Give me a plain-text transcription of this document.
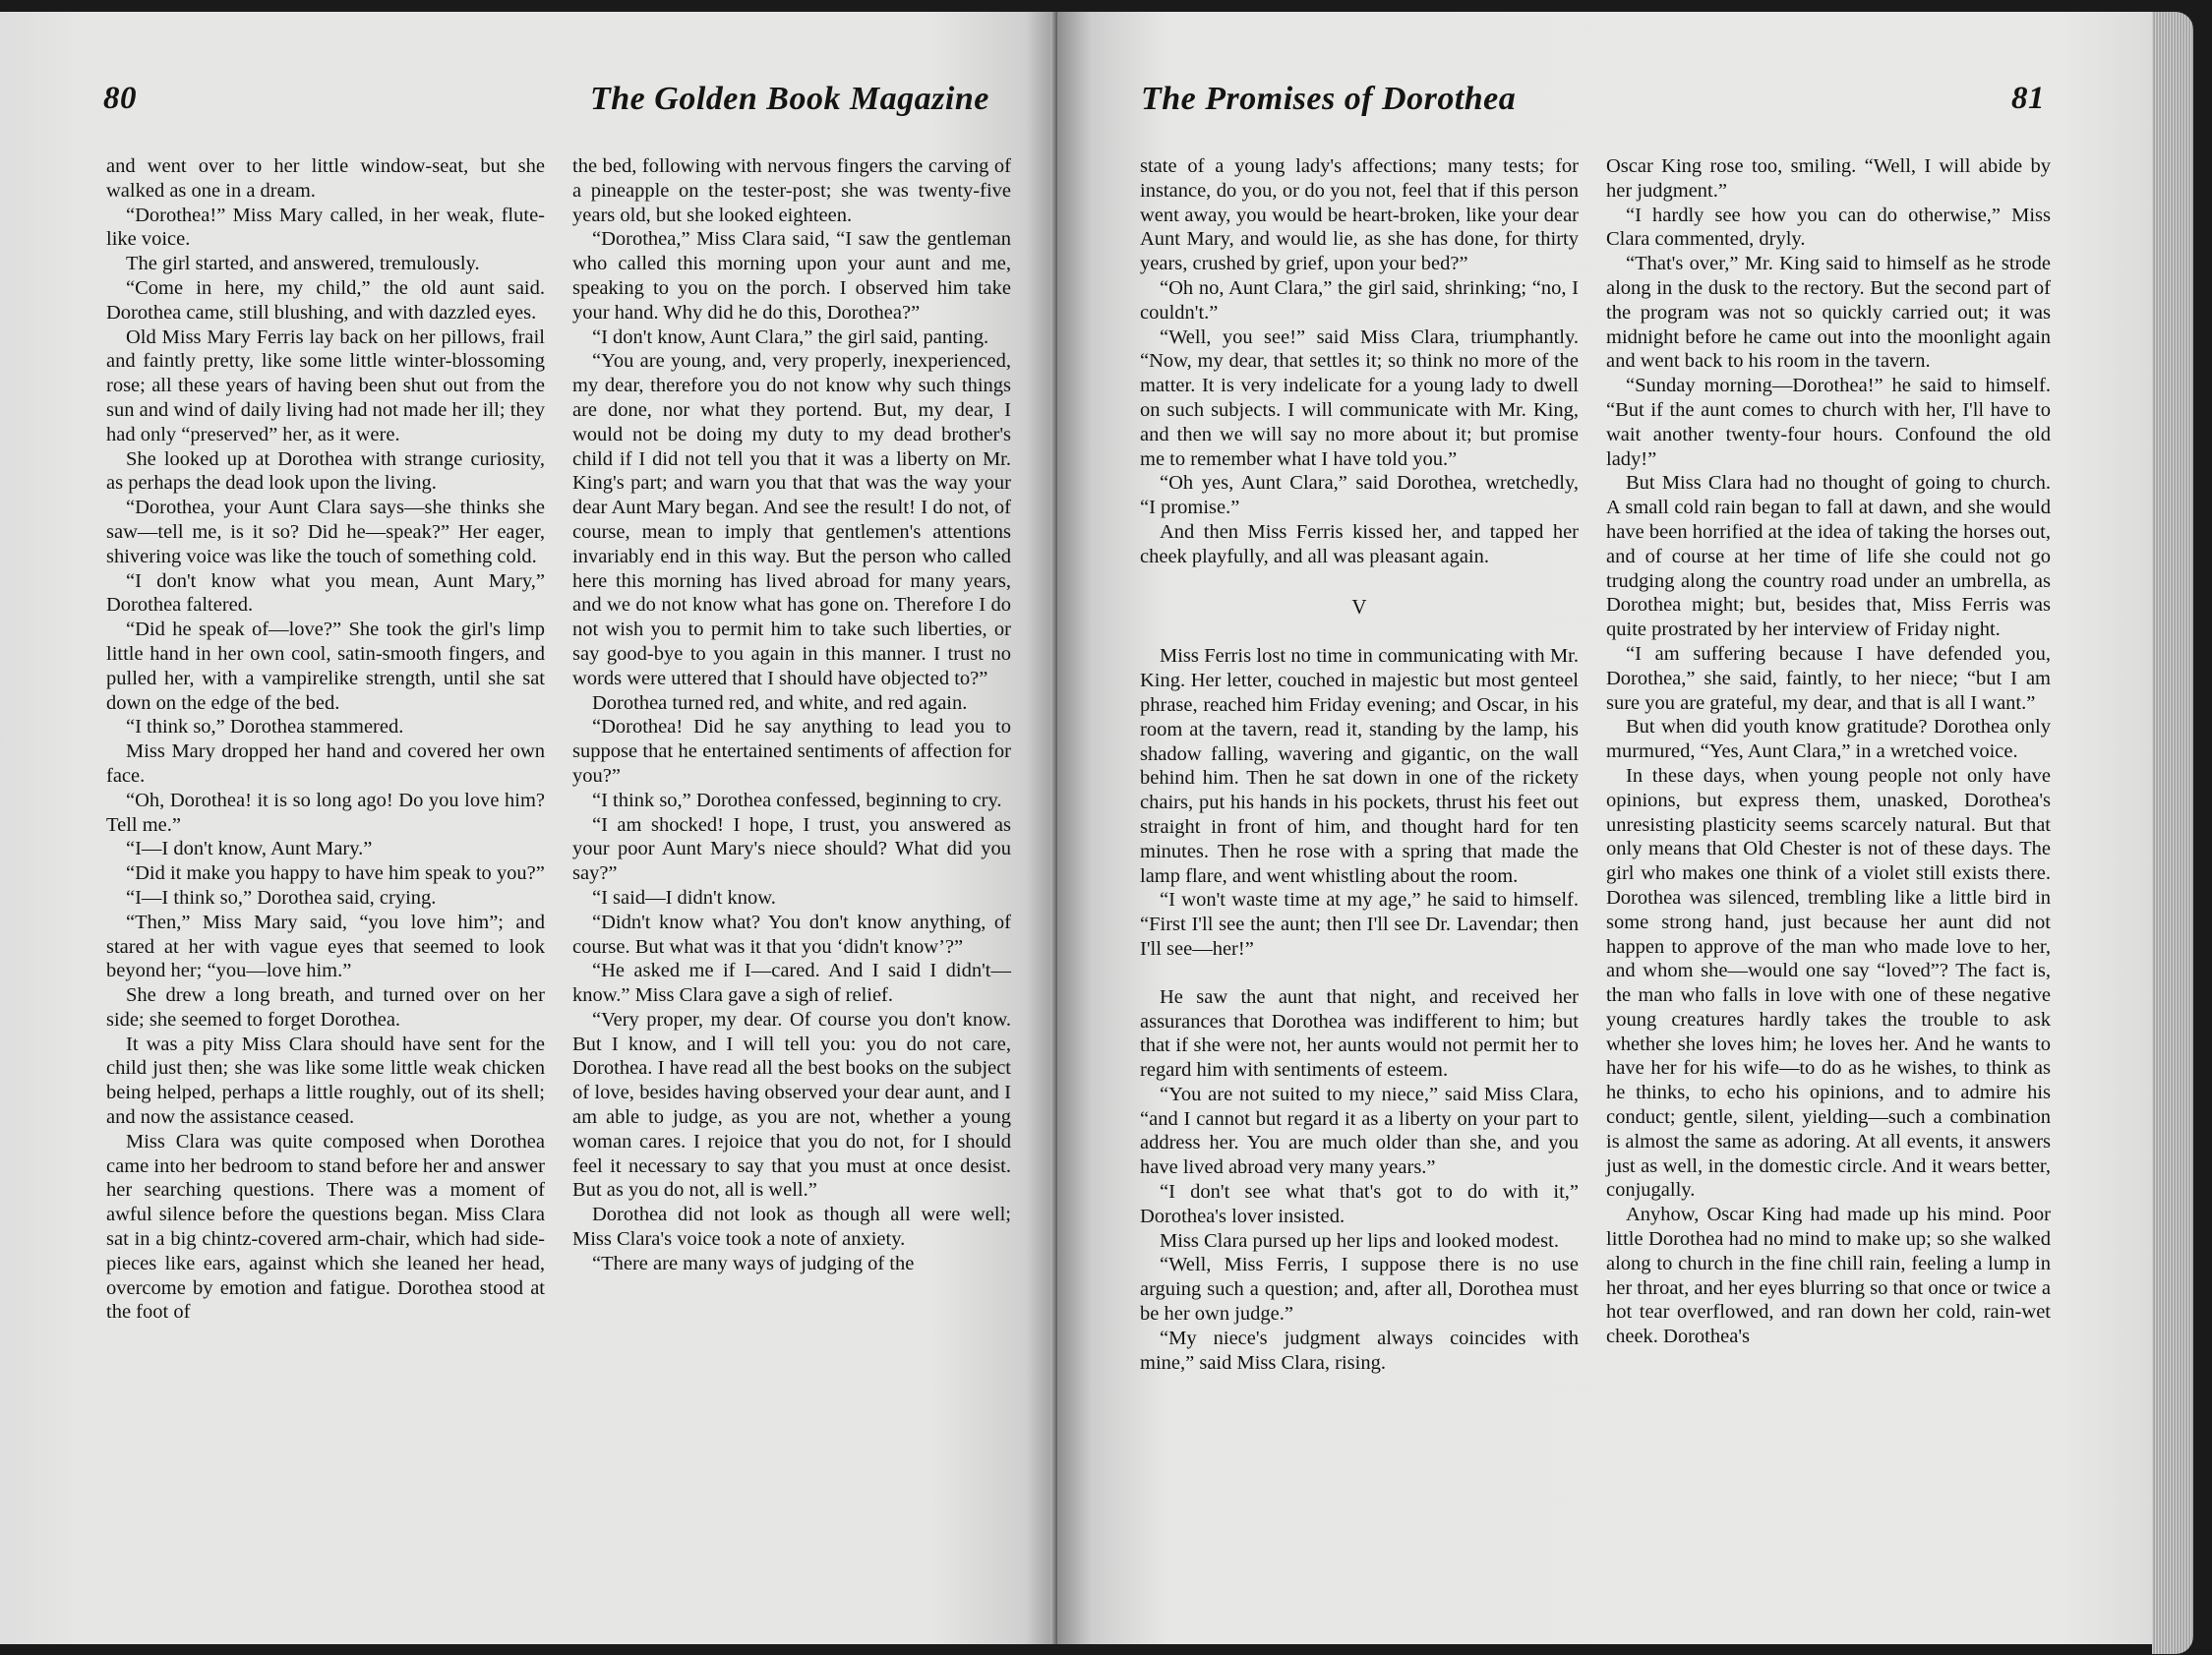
80	The Golden Book Magazine

and went over to her little window-seat, but she walked as one in a dream.

“Dorothea!” Miss Mary called, in her weak, flute-like voice.

The girl started, and answered, tremulously.

“Come in here, my child,” the old aunt said. Dorothea came, still blushing, and with dazzled eyes.

Old Miss Mary Ferris lay back on her pillows, frail and faintly pretty, like some little winter-blossoming rose; all these years of having been shut out from the sun and wind of daily living had not made her ill; they had only “preserved” her, as it were.

She looked up at Dorothea with strange curiosity, as perhaps the dead look upon the living.

“Dorothea, your Aunt Clara says—she thinks she saw—tell me, is it so? Did he—speak?” Her eager, shivering voice was like the touch of something cold.

“I don't know what you mean, Aunt Mary,” Dorothea faltered.

“Did he speak of—love?” She took the girl's limp little hand in her own cool, satin-smooth fingers, and pulled her, with a vampirelike strength, until she sat down on the edge of the bed.

“I think so,” Dorothea stammered.

Miss Mary dropped her hand and covered her own face.

“Oh, Dorothea! it is so long ago! Do you love him? Tell me.”

“I—I don't know, Aunt Mary.”

“Did it make you happy to have him speak to you?”

“I—I think so,” Dorothea said, crying.

“Then,” Miss Mary said, “you love him”; and stared at her with vague eyes that seemed to look beyond her; “you—love him.”

She drew a long breath, and turned over on her side; she seemed to forget Dorothea.

It was a pity Miss Clara should have sent for the child just then; she was like some little weak chicken being helped, perhaps a little roughly, out of its shell; and now the assistance ceased.

Miss Clara was quite composed when Dorothea came into her bedroom to stand before her and answer her searching questions. There was a moment of awful silence before the questions began. Miss Clara sat in a big chintz-covered arm-chair, which had side-pieces like ears, against which she leaned her head, overcome by emotion and fatigue. Dorothea stood at the foot of

the bed, following with nervous fingers the carving of a pineapple on the tester-post; she was twenty-five years old, but she looked eighteen.

“Dorothea,” Miss Clara said, “I saw the gentleman who called this morning upon your aunt and me, speaking to you on the porch. I observed him take your hand. Why did he do this, Dorothea?”

“I don't know, Aunt Clara,” the girl said, panting.

“You are young, and, very properly, inexperienced, my dear, therefore you do not know why such things are done, nor what they portend. But, my dear, I would not be doing my duty to my dead brother's child if I did not tell you that it was a liberty on Mr. King's part; and warn you that that was the way your dear Aunt Mary began. And see the result! I do not, of course, mean to imply that gentlemen's attentions invariably end in this way. But the person who called here this morning has lived abroad for many years, and we do not know what has gone on. Therefore I do not wish you to permit him to take such liberties, or say good-bye to you again in this manner. I trust no words were uttered that I should have objected to?”

Dorothea turned red, and white, and red again.

“Dorothea! Did he say anything to lead you to suppose that he entertained sentiments of affection for you?”

“I think so,” Dorothea confessed, beginning to cry.

“I am shocked! I hope, I trust, you answered as your poor Aunt Mary's niece should? What did you say?”

“I said—I didn't know.

“Didn't know what? You don't know anything, of course. But what was it that you ‘didn't know’?”

“He asked me if I—cared. And I said I didn't—know.” Miss Clara gave a sigh of relief.

“Very proper, my dear. Of course you don't know. But I know, and I will tell you: you do not care, Dorothea. I have read all the best books on the subject of love, besides having observed your dear aunt, and I am able to judge, as you are not, whether a young woman cares. I rejoice that you do not, for I should feel it necessary to say that you must at once desist. But as you do not, all is well.”

Dorothea did not look as though all were well; Miss Clara's voice took a note of anxiety.

“There are many ways of judging of the

The Promises of Dorothea	81

state of a young lady's affections; many tests; for instance, do you, or do you not, feel that if this person went away, you would be heart-broken, like your dear Aunt Mary, and would lie, as she has done, for thirty years, crushed by grief, upon your bed?”

“Oh no, Aunt Clara,” the girl said, shrinking; “no, I couldn't.”

“Well, you see!” said Miss Clara, triumphantly. “Now, my dear, that settles it; so think no more of the matter. It is very indelicate for a young lady to dwell on such subjects. I will communicate with Mr. King, and then we will say no more about it; but promise me to remember what I have told you.”

“Oh yes, Aunt Clara,” said Dorothea, wretchedly, “I promise.”

And then Miss Ferris kissed her, and tapped her cheek playfully, and all was pleasant again.

V

Miss Ferris lost no time in communicating with Mr. King. Her letter, couched in majestic but most genteel phrase, reached him Friday evening; and Oscar, in his room at the tavern, read it, standing by the lamp, his shadow falling, wavering and gigantic, on the wall behind him. Then he sat down in one of the rickety chairs, put his hands in his pockets, thrust his feet out straight in front of him, and thought hard for ten minutes. Then he rose with a spring that made the lamp flare, and went whistling about the room.

“I won't waste time at my age,” he said to himself. “First I'll see the aunt; then I'll see Dr. Lavendar; then I'll see—her!”

He saw the aunt that night, and received her assurances that Dorothea was indifferent to him; but that if she were not, her aunts would not permit her to regard him with sentiments of esteem.

“You are not suited to my niece,” said Miss Clara, “and I cannot but regard it as a liberty on your part to address her. You are much older than she, and you have lived abroad very many years.”

“I don't see what that's got to do with it,” Dorothea's lover insisted.

Miss Clara pursed up her lips and looked modest.

“Well, Miss Ferris, I suppose there is no use arguing such a question; and, after all, Dorothea must be her own judge.”

“My niece's judgment always coincides with mine,” said Miss Clara, rising.

Oscar King rose too, smiling. “Well, I will abide by her judgment.”

“I hardly see how you can do otherwise,” Miss Clara commented, dryly.

“That's over,” Mr. King said to himself as he strode along in the dusk to the rectory. But the second part of the program was not so quickly carried out; it was midnight before he came out into the moonlight again and went back to his room in the tavern.

“Sunday morning—Dorothea!” he said to himself. “But if the aunt comes to church with her, I'll have to wait another twenty-four hours. Confound the old lady!”

But Miss Clara had no thought of going to church. A small cold rain began to fall at dawn, and she would have been horrified at the idea of taking the horses out, and of course at her time of life she could not go trudging along the country road under an umbrella, as Dorothea might; but, besides that, Miss Ferris was quite prostrated by her interview of Friday night.

“I am suffering because I have defended you, Dorothea,” she said, faintly, to her niece; “but I am sure you are grateful, my dear, and that is all I want.”

But when did youth know gratitude? Dorothea only murmured, “Yes, Aunt Clara,” in a wretched voice.

In these days, when young people not only have opinions, but express them, unasked, Dorothea's unresisting plasticity seems scarcely natural. But that only means that Old Chester is not of these days. The girl who makes one think of a violet still exists there. Dorothea was silenced, trembling like a little bird in some strong hand, just because her aunt did not happen to approve of the man who made love to her, and whom she—would one say “loved”? The fact is, the man who falls in love with one of these negative young creatures hardly takes the trouble to ask whether she loves him; he loves her. And he wants to have her for his wife—to do as he wishes, to think as he thinks, to echo his opinions, and to admire his conduct; gentle, silent, yielding—such a combination is almost the same as adoring. At all events, it answers just as well, in the domestic circle. And it wears better, conjugally.

Anyhow, Oscar King had made up his mind. Poor little Dorothea had no mind to make up; so she walked along to church in the fine chill rain, feeling a lump in her throat, and her eyes blurring so that once or twice a hot tear overflowed, and ran down her cold, rain-wet cheek. Dorothea's
